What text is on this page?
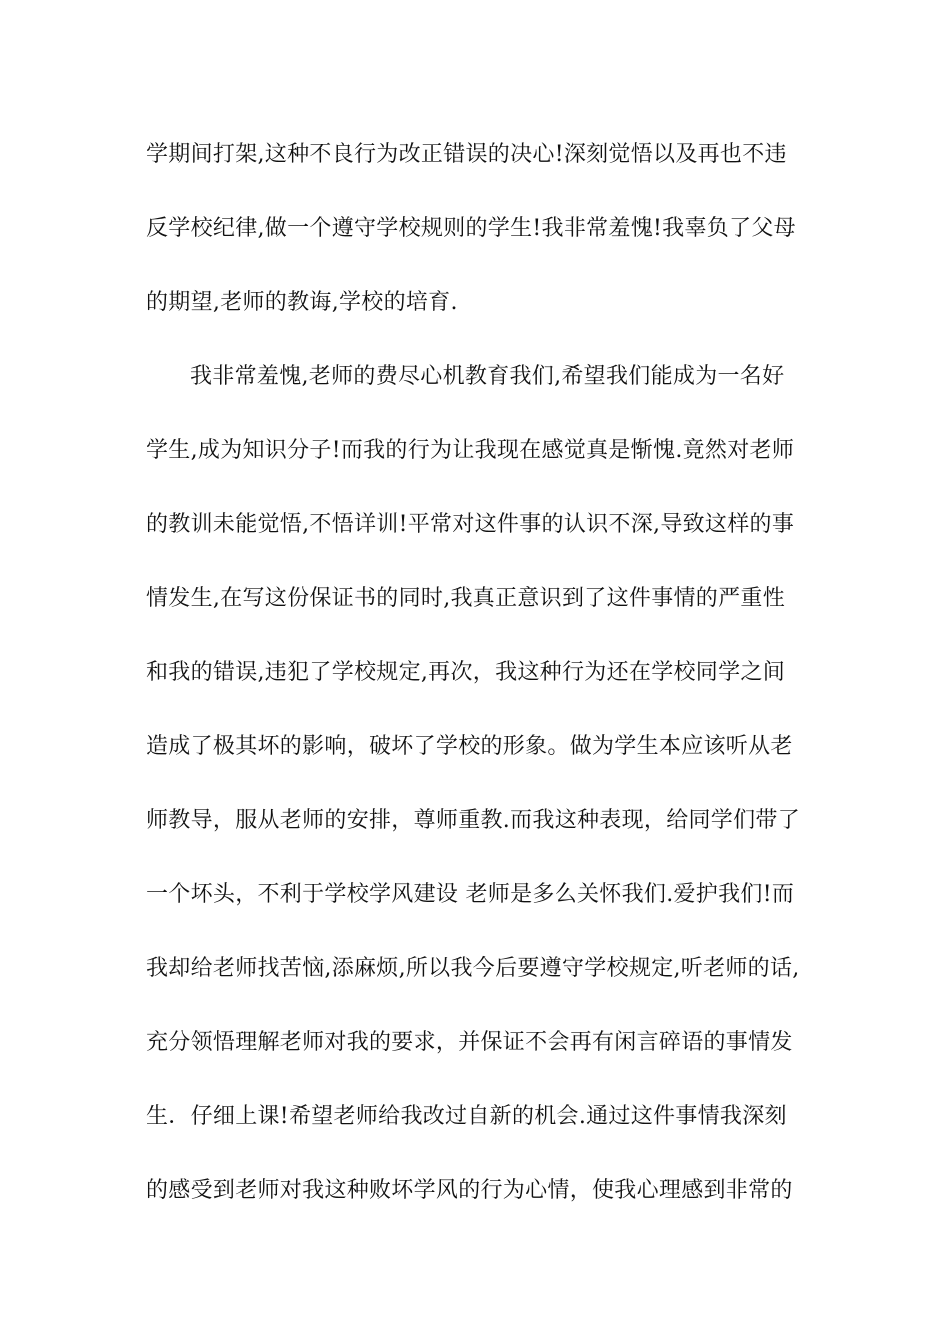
学期间打架,这种不良行为改正错误的决心!深刻觉悟以及再也不违
反学校纪律,做一个遵守学校规则的学生!我非常羞愧!我辜负了父母
的期望,老师的教诲,学校的培育.
我非常羞愧,老师的费尽心机教育我们,希望我们能成为一名好
学生,成为知识分子!而我的行为让我现在感觉真是惭愧.竟然对老师
的教训未能觉悟,不悟详训!平常对这件事的认识不深,导致这样的事
情发生,在写这份保证书的同时,我真正意识到了这件事情的严重性
和我的错误,违犯了学校规定,再次，我这种行为还在学校同学之间
造成了极其坏的影响，破坏了学校的形象。做为学生本应该听从老
师教导，服从老师的安排，尊师重教.而我这种表现，给同学们带了
一个坏头，不利于学校学风建设 老师是多么关怀我们.爱护我们!而
我却给老师找苦恼,添麻烦,所以我今后要遵守学校规定,听老师的话,
充分领悟理解老师对我的要求，并保证不会再有闲言碎语的事情发
生．仔细上课!希望老师给我改过自新的机会.通过这件事情我深刻
的感受到老师对我这种败坏学风的行为心情，使我心理感到非常的
